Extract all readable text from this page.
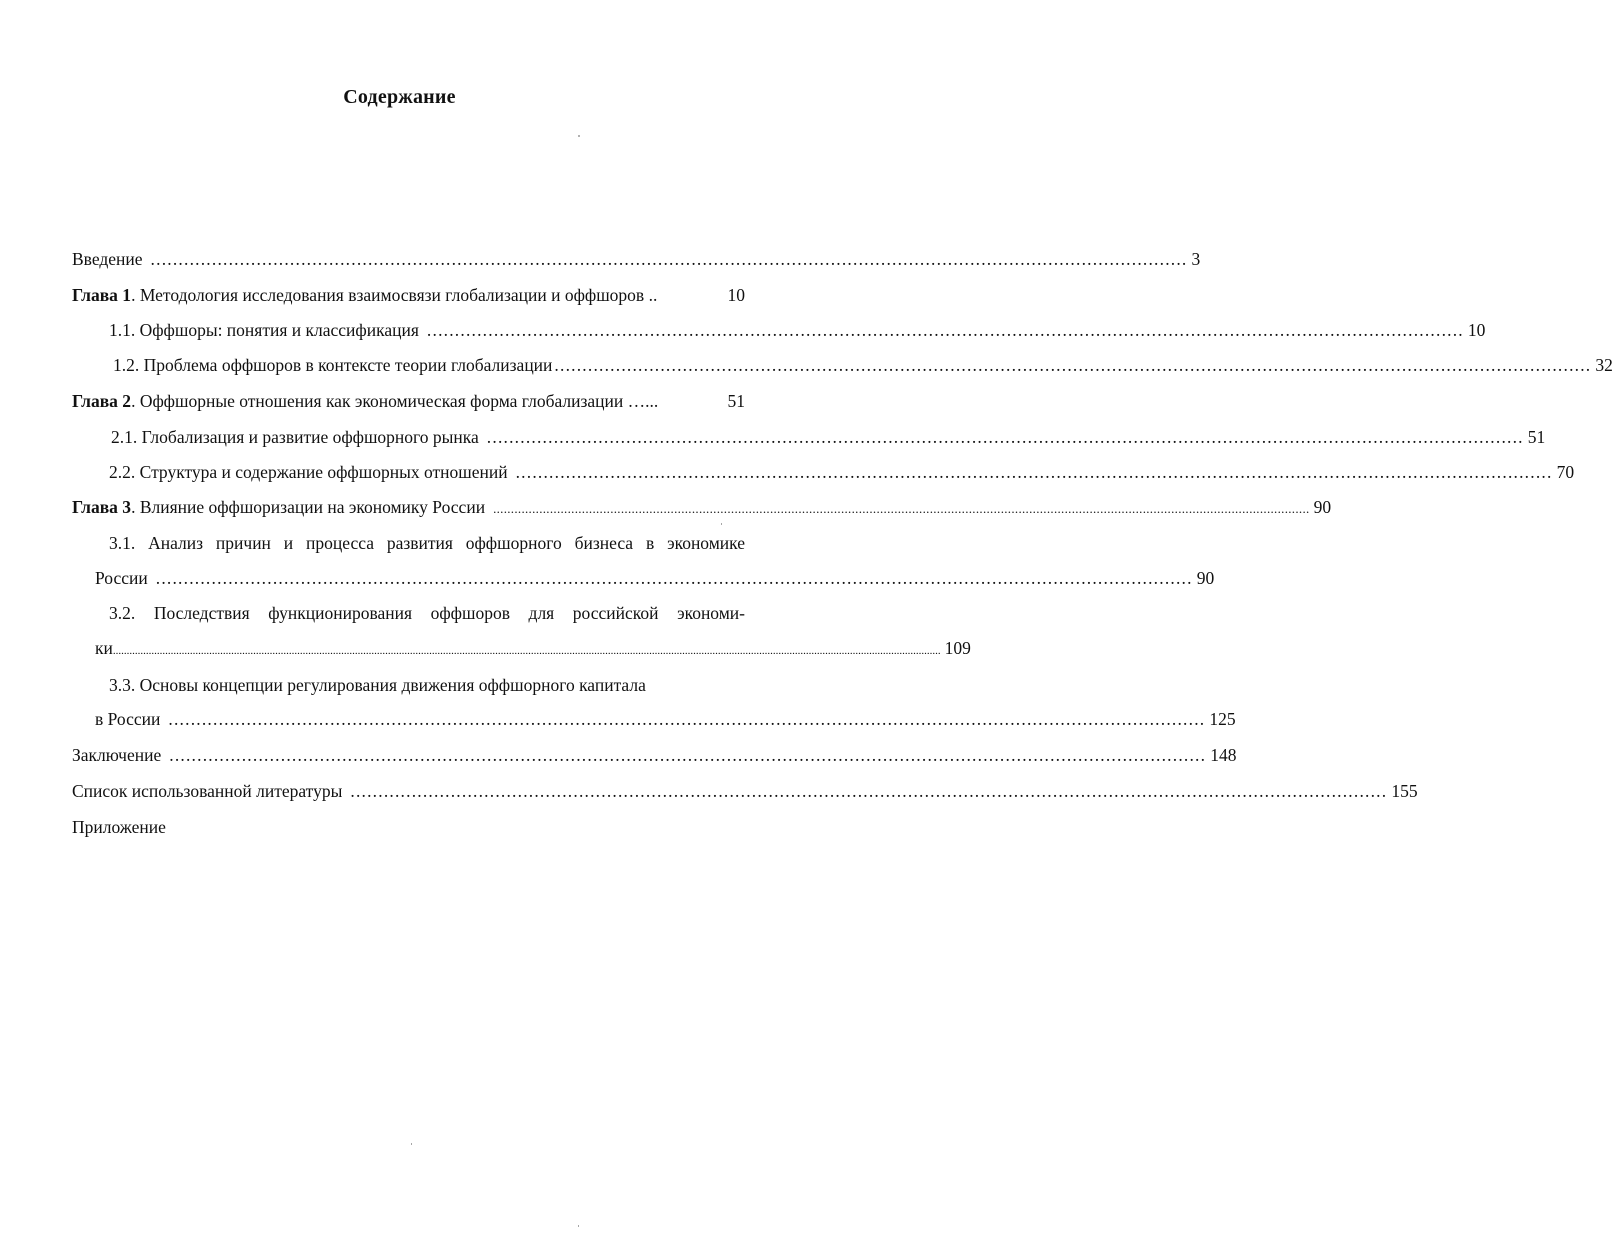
Содержание
Введение .......................................................................................................................................................................................... 3
Глава 1. Методология исследования взаимосвязи глобализации и оффшоров ..	10
1.1. Оффшоры: понятия и классификация .......................................................................................................................................................................................... 10
1.2. Проблема оффшоров в контексте теории глобализации .......................................................................................................................................................................................... 32
Глава 2. Оффшорные отношения как экономическая форма глобализации …...	51
2.1. Глобализация и развитие оффшорного рынка .......................................................................................................................................................................................... 51
2.2. Структура и содержание оффшорных отношений .......................................................................................................................................................................................... 70
Глава 3. Влияние оффшоризации на экономику России ...................................................................................................................................................................................................................................... 90
3.1. Анализ причин и процесса развития оффшорного бизнеса в экономике
России .......................................................................................................................................................................................... 90
3.2. Последствия функционирования оффшоров для российской экономи-
ки ............................................................................................................................................................................................................................................................................................................. 109
3.3. Основы концепции регулирования движения оффшорного капитала
в России .......................................................................................................................................................................................... 125
Заключение .......................................................................................................................................................................................... 148
Список использованной литературы .......................................................................................................................................................................................... 155
Приложение
